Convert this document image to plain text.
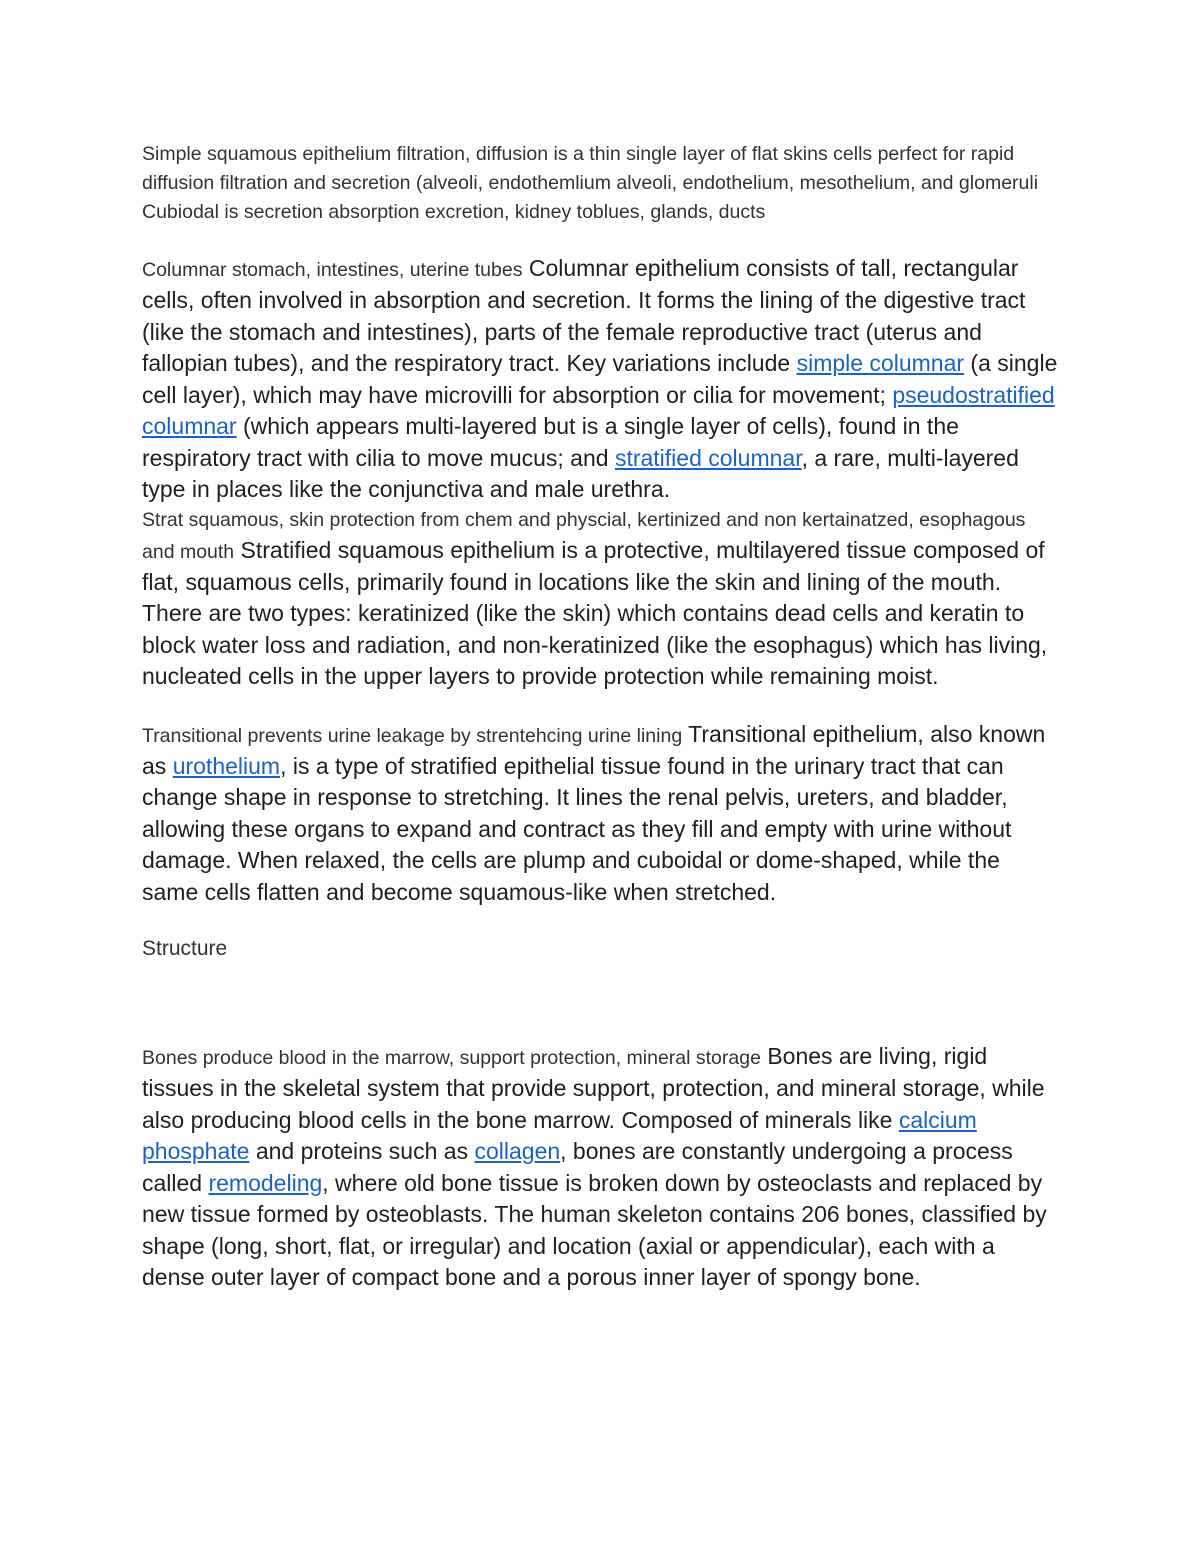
Simple squamous epithelium filtration, diffusion is a thin single layer of flat skins cells perfect for rapid diffusion filtration and secretion (alveoli, endothemlium alveoli, endothelium, mesothelium, and glomeruli

Cubiodal is secretion absorption excretion, kidney toblues, glands, ducts

Columnar stomach, intestines, uterine tubes Columnar epithelium consists of tall, rectangular cells, often involved in absorption and secretion. It forms the lining of the digestive tract (like the stomach and intestines), parts of the female reproductive tract (uterus and fallopian tubes), and the respiratory tract. Key variations include simple columnar (a single cell layer), which may have microvilli for absorption or cilia for movement; pseudostratified columnar (which appears multi-layered but is a single layer of cells), found in the respiratory tract with cilia to move mucus; and stratified columnar, a rare, multi-layered type in places like the conjunctiva and male urethra.

Strat squamous, skin protection from chem and physcial, kertinized and non kertainatzed, esophagous and mouth Stratified squamous epithelium is a protective, multilayered tissue composed of flat, squamous cells, primarily found in locations like the skin and lining of the mouth. There are two types: keratinized (like the skin) which contains dead cells and keratin to block water loss and radiation, and non-keratinized (like the esophagus) which has living, nucleated cells in the upper layers to provide protection while remaining moist.

Transitional prevents urine leakage by strentehcing urine lining Transitional epithelium, also known as urothelium, is a type of stratified epithelial tissue found in the urinary tract that can change shape in response to stretching. It lines the renal pelvis, ureters, and bladder, allowing these organs to expand and contract as they fill and empty with urine without damage. When relaxed, the cells are plump and cuboidal or dome-shaped, while the same cells flatten and become squamous-like when stretched.

Structure

Bones produce blood in the marrow, support protection, mineral storage Bones are living, rigid tissues in the skeletal system that provide support, protection, and mineral storage, while also producing blood cells in the bone marrow. Composed of minerals like calcium phosphate and proteins such as collagen, bones are constantly undergoing a process called remodeling, where old bone tissue is broken down by osteoclasts and replaced by new tissue formed by osteoblasts. The human skeleton contains 206 bones, classified by shape (long, short, flat, or irregular) and location (axial or appendicular), each with a dense outer layer of compact bone and a porous inner layer of spongy bone.
